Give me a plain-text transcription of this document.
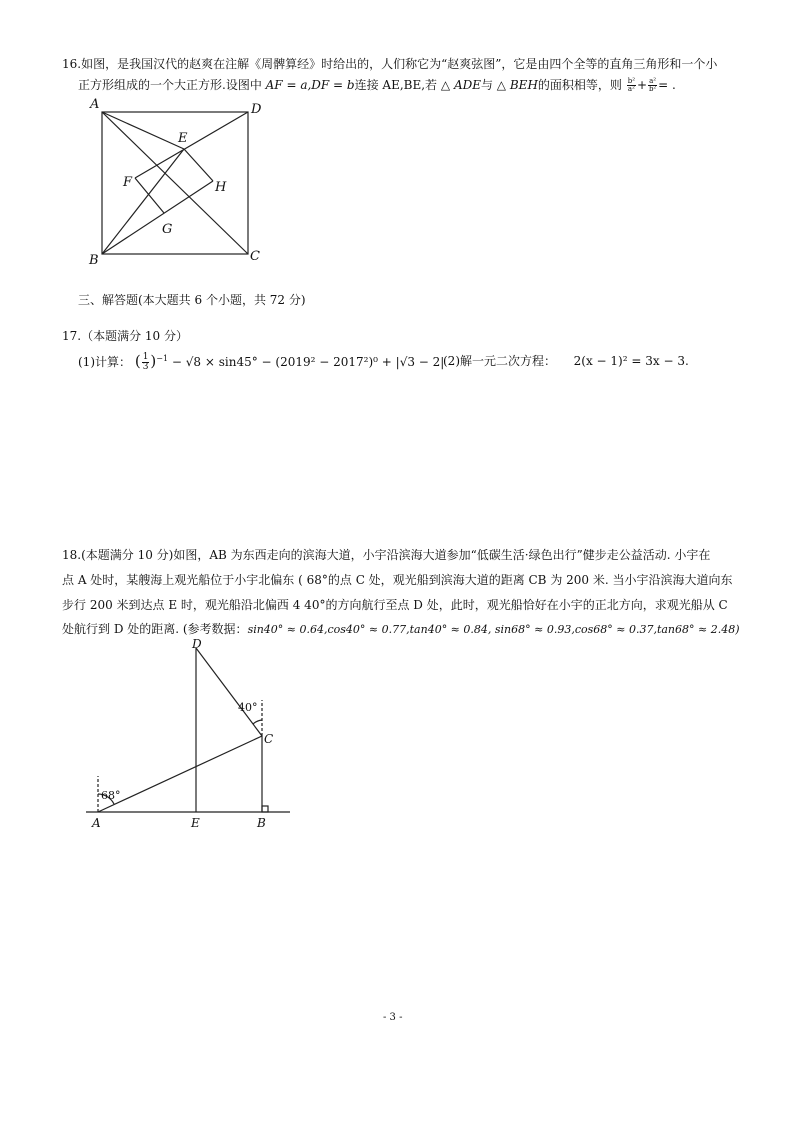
16.如图，是我国汉代的赵爽在注解《周髀算经》时给出的，人们称它为“赵爽弦图”，它是由四个全等的直角三角形和一个小
正方形组成的一个大正方形.设图中 AF = a,DF = b连接 AE,BE,若 △ ADE与 △ BEH的面积相等，则 $\frac{\text{b²}}{\text{a²}} + \frac{\text{a²}}{\text{b²}}$ = .
A	D
E
F	H
G
B	C
三、解答题(本大题共 6 个小题，共 72 分)
17.（本题满分 10 分）
(1)计算： ( $\frac{1}{3} )^{-1} - √8 \times \sin 45^\circ - (2019^2 - 2017^2)^0 + |√3 - 2|$
(2)解一元二次方程： 2(x − 1)² = 3x − 3.
18.(本题满分 10 分)如图，AB 为东西走向的滨海大道，小宇沿滨海大道参加“低碳生活·绿色出行”健步走公益活动. 小宇在
点 A 处时，某艘海上观光船位于小宇北偏东 ( 68°的点 C 处，观光船到滨海大道的距离 CB 为 200 米. 当小宇沿滨海大道向东
步行 200 米到达点 E 时，观光船沿北偏西 4 40°的方向航行至点 D 处，此时，观光船恰好在小宇的正北方向，求观光船从 C
处航行到 D 处的距离. (参考数据：sin40° ≈ 0.64,cos40° ≈ 0.77,tan40° ≈ 0.84, sin68° ≈ 0.93,cos68° ≈ 0.37,tan68° ≈ 2.48)
D
40°
C
68°
A	E	B
- 3 -
